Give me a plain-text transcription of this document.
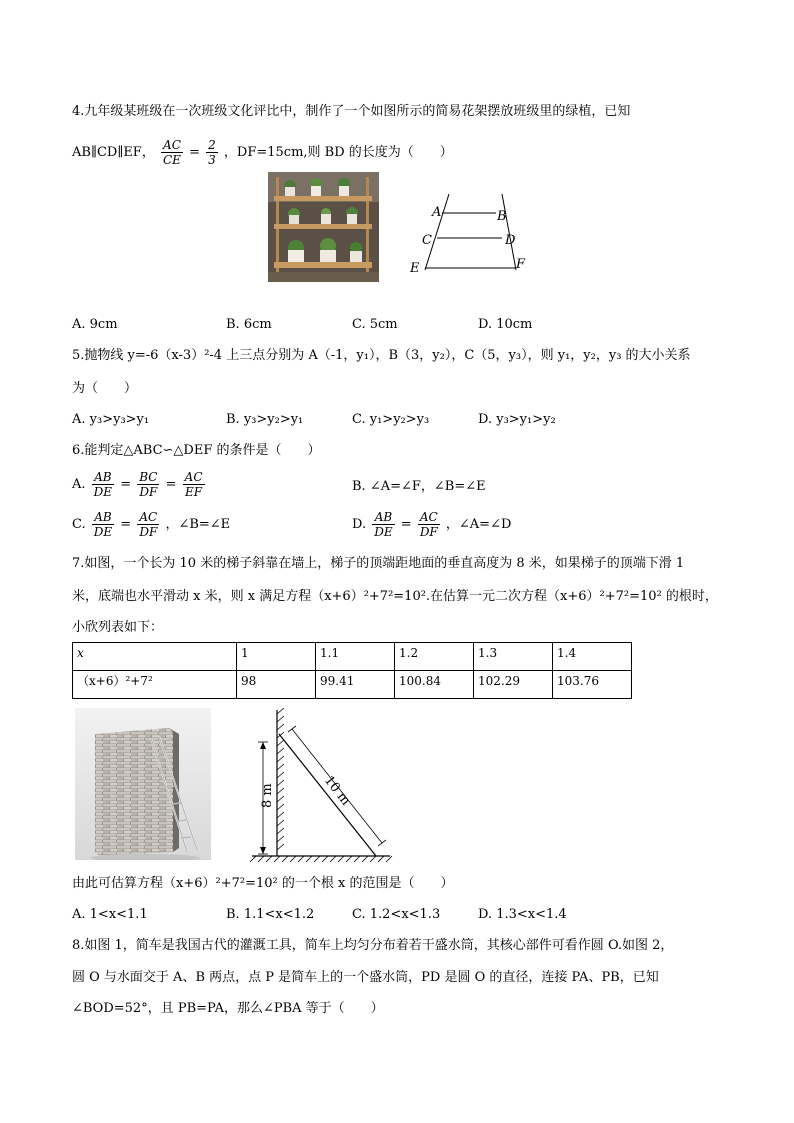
4.九年级某班级在一次班级文化评比中，制作了一个如图所示的简易花架摆放班级里的绿植，已知
AB∥CD∥EF， $\frac{AC}{CE} = \frac{2}{3}$ ，DF=15cm,则 BD 的长度为（　　）
A	B
C	D
E	F
A. 9cm	B. 6cm	C. 5cm	D. 10cm
5.抛物线 y=-6（x-3）²-4 上三点分别为 A（-1，y₁），B（3，y₂），C（5，y₃），则 y₁，y₂，y₃ 的大小关系
为（　　）
A. y₃>y₃>y₁	B. y₃>y₂>y₁	C. y₁>y₂>y₃	D. y₃>y₁>y₂
6.能判定△ABC∽△DEF 的条件是（　　）
A. $\frac{AB}{DE} = \frac{BC}{DF} = \frac{AC}{EF}$	B. ∠A=∠F，∠B=∠E
C. $\frac{AB}{DE} = \frac{AC}{DF}$ ，∠B=∠E	D. $\frac{AB}{DE} = \frac{AC}{DF}$ ，∠A=∠D
7.如图，一个长为 10 米的梯子斜靠在墙上，梯子的顶端距地面的垂直高度为 8 米，如果梯子的顶端下滑 1
米，底端也水平滑动 x 米，则 x 满足方程（x+6）²+7²=10².在估算一元二次方程（x+6）²+7²=10² 的根时，
小欣列表如下：
x	1	1.1	1.2	1.3	1.4
（x+6）²+7²	98	99.41	100.84	102.29	103.76
8 m	10 m
由此可估算方程（x+6）²+7²=10² 的一个根 x 的范围是（　　）
A. 1<x<1.1	B. 1.1<x<1.2	C. 1.2<x<1.3	D. 1.3<x<1.4
8.如图 1，简车是我国古代的灌溉工具，简车上均匀分布着若干盛水筒，其核心部件可看作圆 O.如图 2，
圆 O 与水面交于 A、B 两点，点 P 是简车上的一个盛水筒，PD 是圆 O 的直径，连接 PA、PB，已知
∠BOD=52°，且 PB=PA，那么∠PBA 等于（　　）
